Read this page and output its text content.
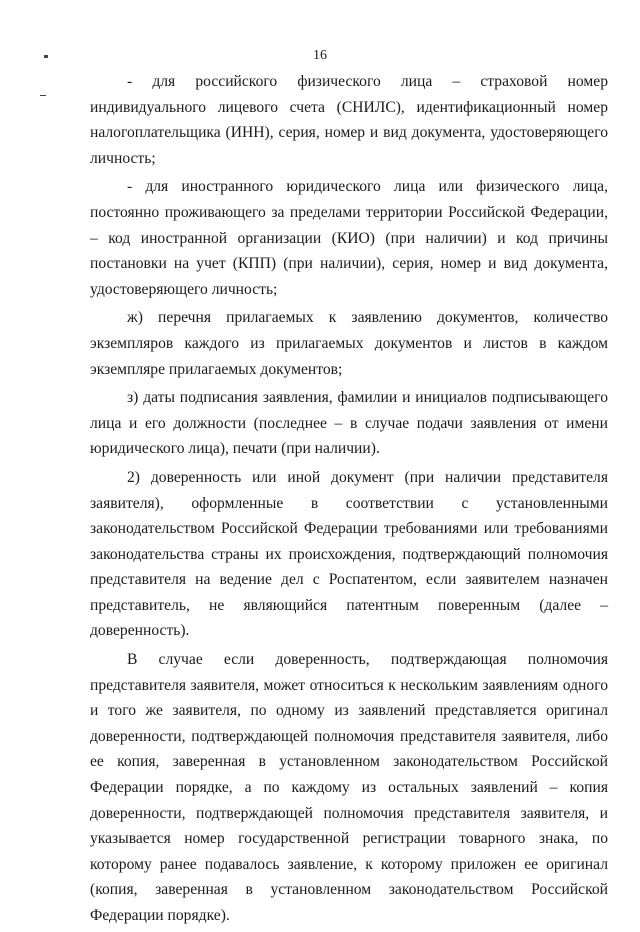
16

- для российского физического лица – страховой номер индивидуального лицевого счета (СНИЛС), идентификационный номер налогоплательщика (ИНН), серия, номер и вид документа, удостоверяющего личность;

- для иностранного юридического лица или физического лица, постоянно проживающего за пределами территории Российской Федерации, – код иностранной организации (КИО) (при наличии) и код причины постановки на учет (КПП) (при наличии), серия, номер и вид документа, удостоверяющего личность;

ж) перечня прилагаемых к заявлению документов, количество экземпляров каждого из прилагаемых документов и листов в каждом экземпляре прилагаемых документов;

з) даты подписания заявления, фамилии и инициалов подписывающего лица и его должности (последнее – в случае подачи заявления от имени юридического лица), печати (при наличии).

2) доверенность или иной документ (при наличии представителя заявителя), оформленные в соответствии с установленными законодательством Российской Федерации требованиями или требованиями законодательства страны их происхождения, подтверждающий полномочия представителя на ведение дел с Роспатентом, если заявителем назначен представитель, не являющийся патентным поверенным (далее – доверенность).

В случае если доверенность, подтверждающая полномочия представителя заявителя, может относиться к нескольким заявлениям одного и того же заявителя, по одному из заявлений представляется оригинал доверенности, подтверждающей полномочия представителя заявителя, либо ее копия, заверенная в установленном законодательством Российской Федерации порядке, а по каждому из остальных заявлений – копия доверенности, подтверждающей полномочия представителя заявителя, и указывается номер государственной регистрации товарного знака, по которому ранее подавалось заявление, к которому приложен ее оригинал (копия, заверенная в установленном законодательством Российской Федерации порядке).
